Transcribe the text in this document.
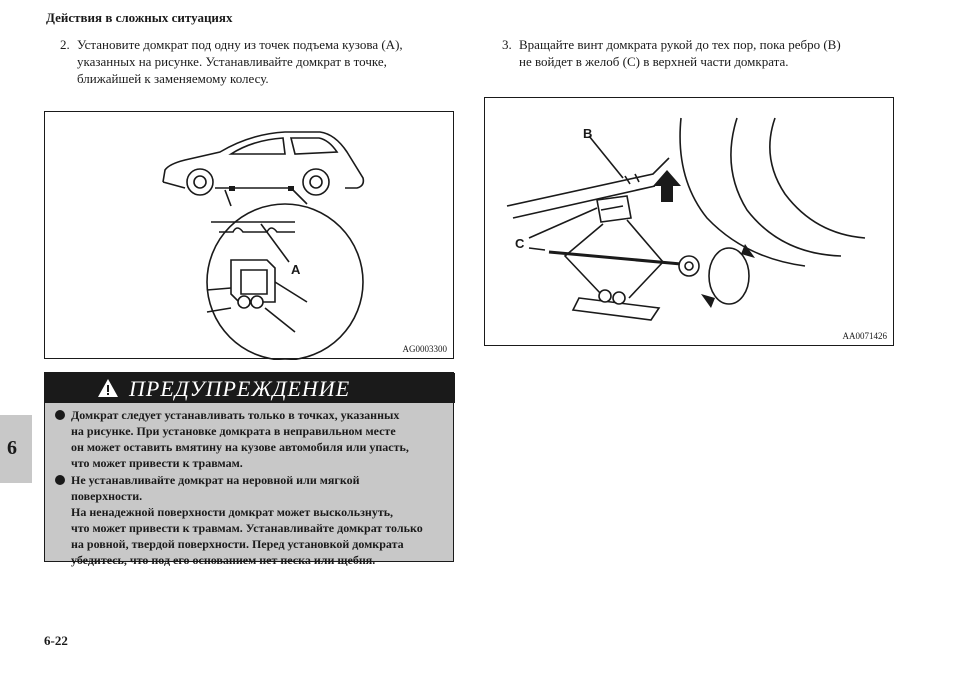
Действия в сложных ситуациях
2. Установите домкрат под одну из точек подъема кузова (A),
указанных на рисунке. Устанавливайте домкрат в точке,
ближайшей к заменяемому колесу.
3. Вращайте винт домкрата рукой до тех пор, пока ребро (B)
не войдет в желоб (C) в верхней части домкрата.
A
AG0003300
B
C
AA0071426
ПРЕДУПРЕЖДЕНИЕ
Домкрат следует устанавливать только в точках, указанных
на рисунке. При установке домкрата в неправильном месте
он может оставить вмятину на кузове автомобиля или упасть,
что может привести к травмам.
Не устанавливайте домкрат на неровной или мягкой
поверхности.
На ненадежной поверхности домкрат может выскользнуть,
что может привести к травмам. Устанавливайте домкрат только
на ровной, твердой поверхности. Перед установкой домкрата
убедитесь, что под его основанием нет песка или щебня.
6
6-22
